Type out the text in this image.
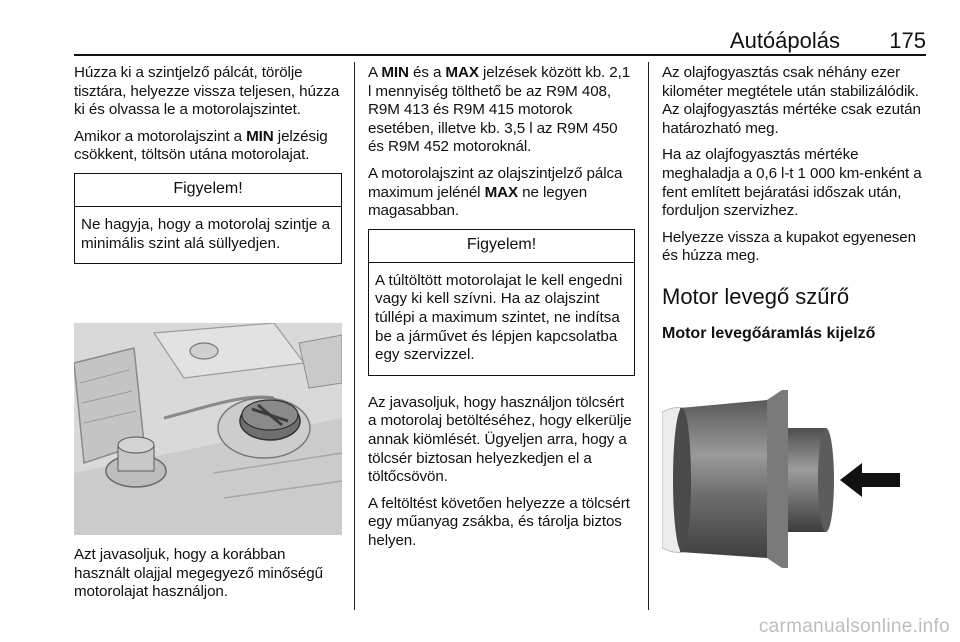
Autóápolás 175

Húzza ki a szintjelző pálcát, törölje tisztára, helyezze vissza teljesen, húzza ki és olvassa le a motorolajszintet.

Amikor a motorolajszint a MIN jelzésig csökkent, töltsön utána motorolajat.

Figyelem!
Ne hagyja, hogy a motorolaj szintje a minimális szint alá süllyedjen.

Azt javasoljuk, hogy a korábban használt olajjal megegyező minőségű motorolajat használjon.

A MIN és a MAX jelzések között kb. 2,1 l mennyiség tölthető be az R9M 408, R9M 413 és R9M 415 motorok esetében, illetve kb. 3,5 l az R9M 450 és R9M 452 motoroknál.

A motorolajszint az olajszintjelző pálca maximum jelénél MAX ne legyen magasabban.

Figyelem!
A túltöltött motorolajat le kell engedni vagy ki kell szívni. Ha az olajszint túllépi a maximum szintet, ne indítsa be a járművet és lépjen kapcsolatba egy szervizzel.

Az javasoljuk, hogy használjon tölcsért a motorolaj betöltéséhez, hogy elkerülje annak kiömlését. Ügyeljen arra, hogy a tölcsér biztosan helyezkedjen el a töltőcsövön.

A feltöltést követően helyezze a tölcsért egy műanyag zsákba, és tárolja biztos helyen.

Az olajfogyasztás csak néhány ezer kilométer megtétele után stabilizálódik. Az olajfogyasztás mértéke csak ezután határozható meg.

Ha az olajfogyasztás mértéke meghaladja a 0,6 l-t 1 000 km-enként a fent említett bejáratási időszak után, forduljon szervizhez.

Helyezze vissza a kupakot egyenesen és húzza meg.

Motor levegő szűrő
Motor levegőáramlás kijelző
carmanualsonline.info
